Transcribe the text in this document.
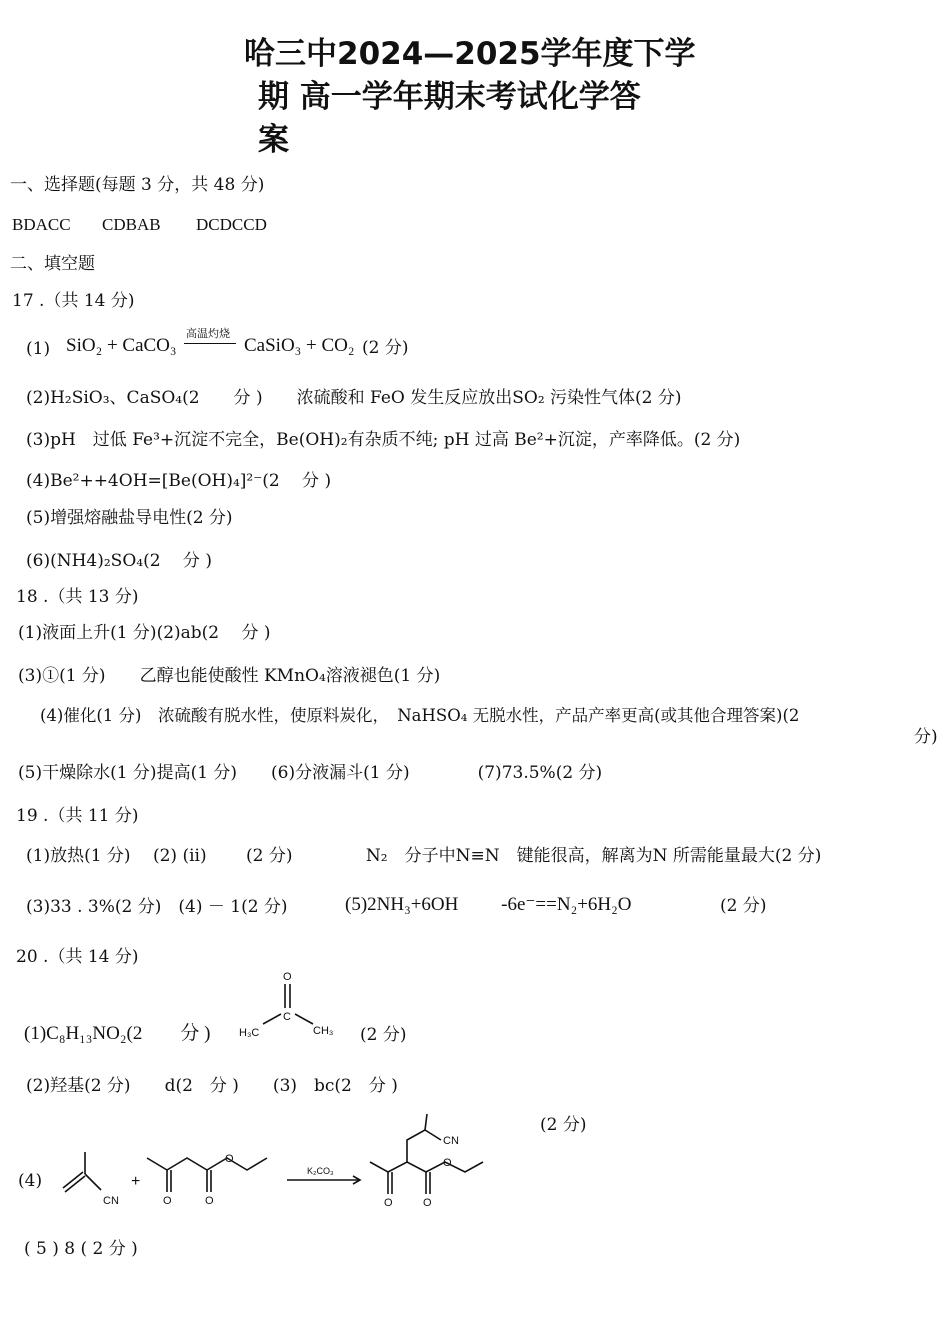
哈三中2024—2025学年度下学
期 高一学年期末考试化学答
案
一、选择题(每题 3 分，共 48 分)
BDACC CDBAB DCDCCD
二、填空题
17 .（共 14 分)
(1) SiO₂ + CaCO₃
高温灼烧
CaSiO₃ + CO₂ (2 分)
(2)H₂SiO₃、CaSO₄(2　　分 )　　浓硫酸和 FeO 发生反应放出SO₂ 污染性气体(2 分)
(3)pH　过低 Fe³+沉淀不完全，Be(OH)₂有杂质不纯; pH 过高 Be²+沉淀，产率降低。(2 分)
(4)Be²++4OH=[Be(OH)₄]²⁻(2　 分 )
(5)增强熔融盐导电性(2 分)
(6)(NH4)₂SO₄(2　 分 )
18 .（共 13 分)
(1)液面上升(1 分)(2)ab(2　 分 )
(3)①(1 分)　　乙醇也能使酸性 KMnO₄溶液褪色(1 分)
(4)催化(1 分)　浓硫酸有脱水性，使原料炭化，　NaHSO₄ 无脱水性，产品产率更高(或其他合理答案)(2
分)
(5)干燥除水(1 分)提高(1 分)　　(6)分液漏斗(1 分)　　　　(7)73.5%(2 分)
19 .（共 11 分)
(1)放热(1 分)　 (2) (ii)　　 (2 分)　　　　 N₂　分子中N≡N　键能很高，解离为N 所需能量最大(2 分)
(3)33 . 3%(2 分)　(4) － 1(2 分)	(5)2NH₃+6OH　　 -6e⁻==N₂+6H₂O	(2 分)
20 .（共 14 分)
(1)C₈H₁₃NO₂(2　　分 )
O
C
H₃C	CH₃ (2 分)
(2)羟基(2 分)　　d(2　分 )　　(3)　bc(2　分 )
(2 分)
(4)
CN
+
O	O
O
K₂CO₃
O	O
O
CN
( 5 ) 8 ( 2 分 )
